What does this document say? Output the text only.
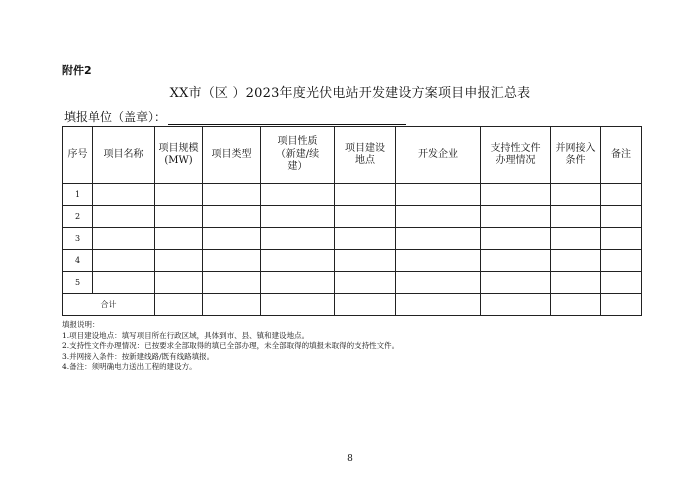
附件2
XX市（区 ）2023年度光伏电站开发建设方案项目申报汇总表
填报单位（盖章）：
序号	项目名称	项目规模(MW)	项目类型	项目性质（新建/续建）	项目建设地点	开发企业	支持性文件办理情况	并网接入条件	备注
1									
2									
3									
4									
5									
合计									
填报说明：
1.项目建设地点：填写项目所在行政区域，具体到市、县、镇和建设地点。
2.支持性文件办理情况：已按要求全部取得的填已全部办理，未全部取得的填报未取得的支持性文件。
3.并网接入条件：按新建线路/既有线路填报。
4.备注：须明确电力送出工程的建设方。
8
